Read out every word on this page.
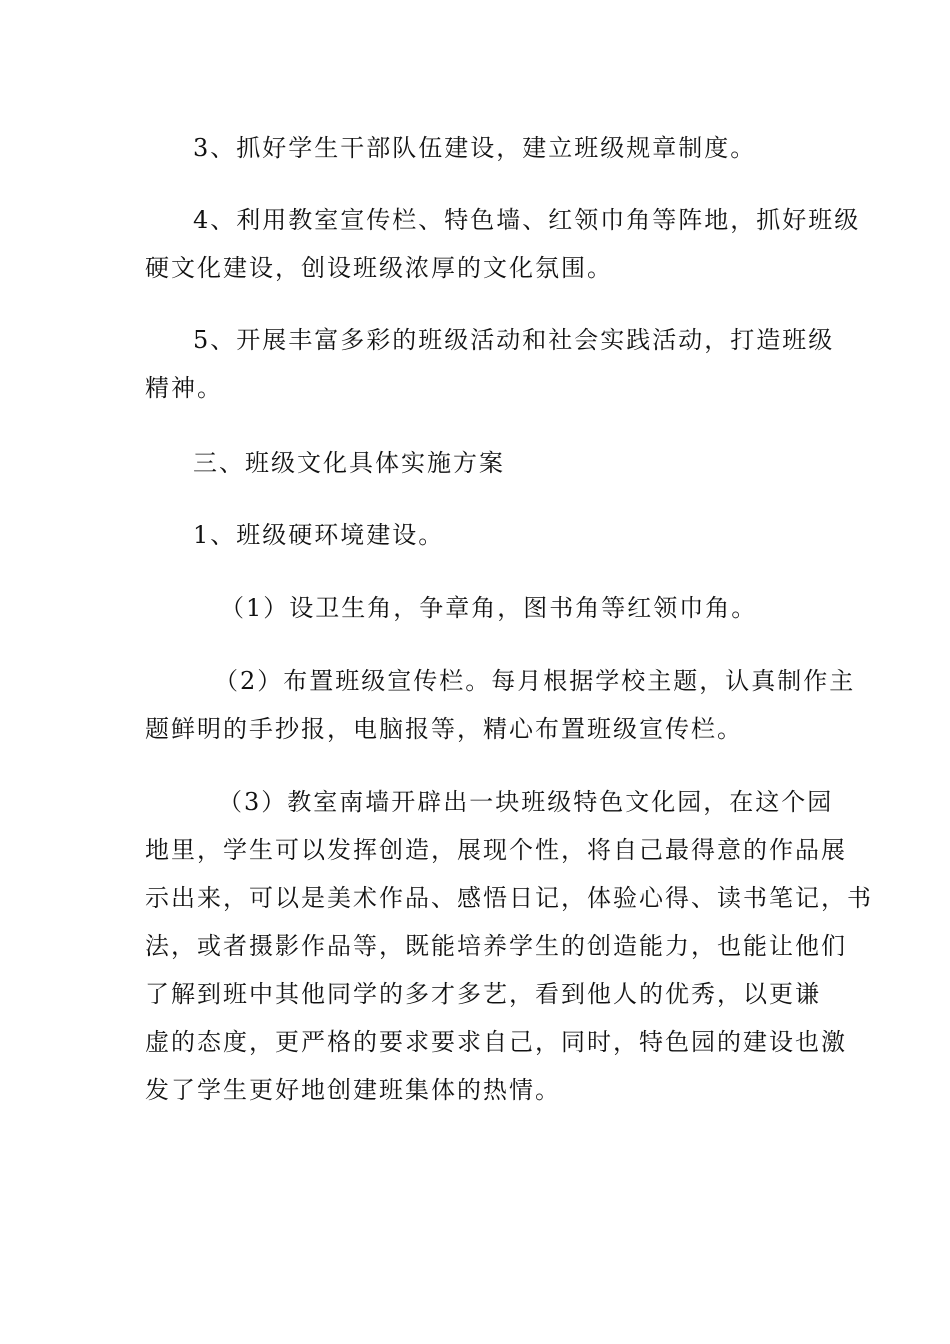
3、抓好学生干部队伍建设，建立班级规章制度。
4、利用教室宣传栏、特色墙、红领巾角等阵地，抓好班级
硬文化建设，创设班级浓厚的文化氛围。
5、开展丰富多彩的班级活动和社会实践活动，打造班级
精神。
三、班级文化具体实施方案
1、班级硬环境建设。
（1）设卫生角，争章角，图书角等红领巾角。
（2）布置班级宣传栏。每月根据学校主题，认真制作主
题鲜明的手抄报，电脑报等，精心布置班级宣传栏。
（3）教室南墙开辟出一块班级特色文化园，在这个园
地里，学生可以发挥创造，展现个性，将自己最得意的作品展
示出来，可以是美术作品、感悟日记，体验心得、读书笔记，书
法，或者摄影作品等，既能培养学生的创造能力，也能让他们
了解到班中其他同学的多才多艺，看到他人的优秀，以更谦
虚的态度，更严格的要求要求自己，同时，特色园的建设也激
发了学生更好地创建班集体的热情。
